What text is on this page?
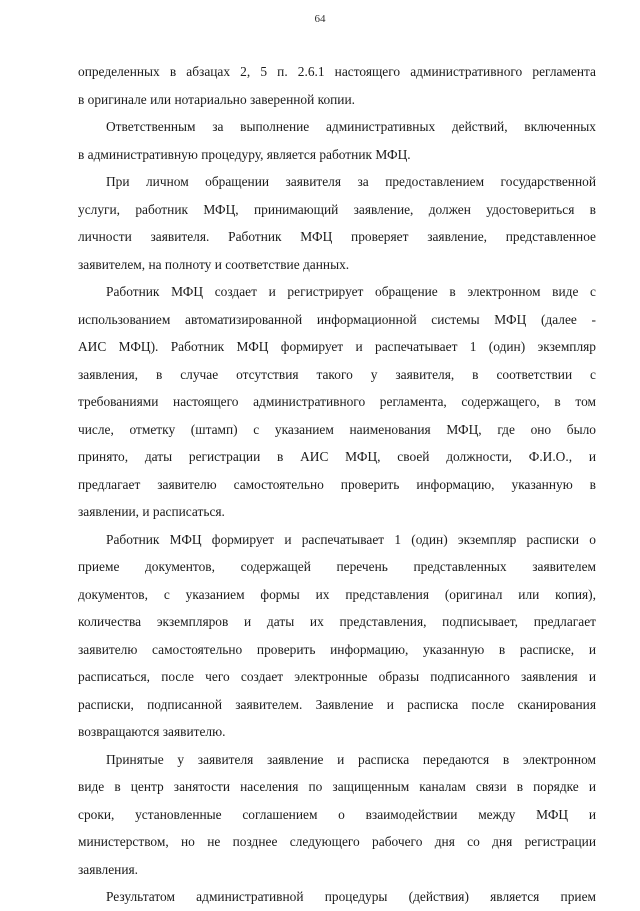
64
определенных в абзацах 2, 5 п. 2.6.1 настоящего административного регламента
в оригинале или нотариально заверенной копии.
Ответственным за выполнение административных действий, включенных
в административную процедуру, является работник МФЦ.
При личном обращении заявителя за предоставлением государственной
услуги, работник МФЦ, принимающий заявление, должен удостовериться в
личности заявителя. Работник МФЦ проверяет заявление, представленное
заявителем, на полноту и соответствие данных.
Работник МФЦ создает и регистрирует обращение в электронном виде с
использованием автоматизированной информационной системы МФЦ (далее -
АИС МФЦ). Работник МФЦ формирует и распечатывает 1 (один) экземпляр
заявления, в случае отсутствия такого у заявителя, в соответствии с
требованиями настоящего административного регламента, содержащего, в том
числе, отметку (штамп) с указанием наименования МФЦ, где оно было
принято, даты регистрации в АИС МФЦ, своей должности, Ф.И.О., и
предлагает заявителю самостоятельно проверить информацию, указанную в
заявлении, и расписаться.
Работник МФЦ формирует и распечатывает 1 (один) экземпляр расписки о
приеме документов, содержащей перечень представленных заявителем
документов, с указанием формы их представления (оригинал или копия),
количества экземпляров и даты их представления, подписывает, предлагает
заявителю самостоятельно проверить информацию, указанную в расписке, и
расписаться, после чего создает электронные образы подписанного заявления и
расписки, подписанной заявителем. Заявление и расписка после сканирования
возвращаются заявителю.
Принятые у заявителя заявление и расписка передаются в электронном
виде в центр занятости населения по защищенным каналам связи в порядке и
сроки, установленные соглашением о взаимодействии между МФЦ и
министерством, но не позднее следующего рабочего дня со дня регистрации
заявления.
Результатом административной процедуры (действия) является прием
